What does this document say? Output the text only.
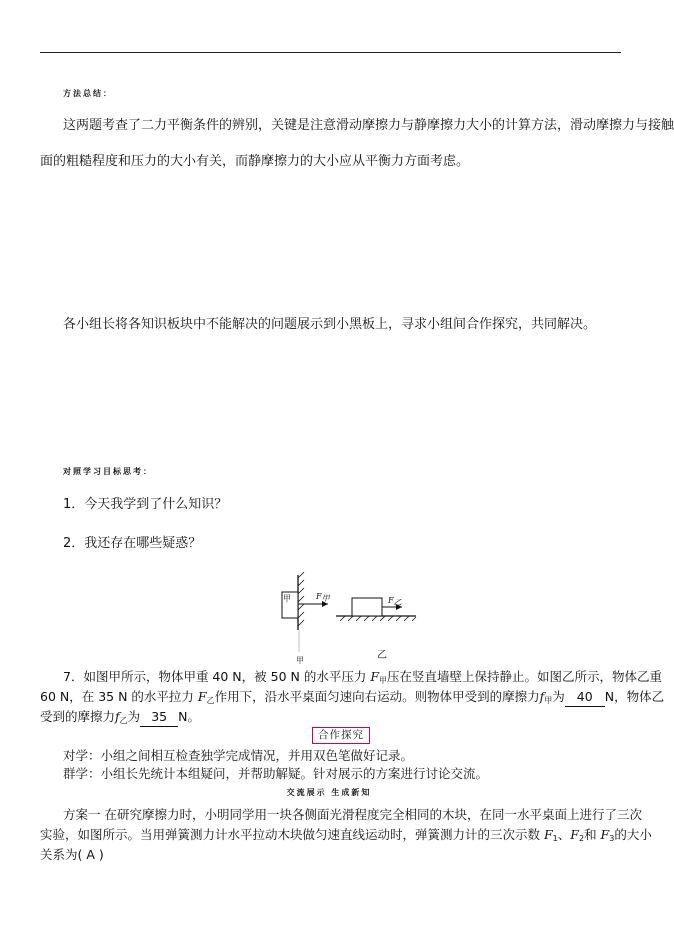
方法总结：
这两题考查了二力平衡条件的辨别，关键是注意滑动摩擦力与静摩擦力大小的计算方法，滑动摩擦力与接触
面的粗糙程度和压力的大小有关，而静摩擦力的大小应从平衡力方面考虑。
各小组长将各知识板块中不能解决的问题展示到小黑板上，寻求小组间合作探究，共同解决。
对照学习目标思考：
1．今天我学到了什么知识？
2．我还存在哪些疑惑？
甲	F甲
甲
F乙
乙
7．如图甲所示，物体甲重 40 N，被 50 N 的水平压力 $F_甲$压在竖直墙壁上保持静止。如图乙所示，物体乙重
60 N，在 35 N 的水平拉力 $F_乙$作用下，沿水平桌面匀速向右运动。则物体甲受到的摩擦力$f_甲$为 40 N，物体乙
受到的摩擦力$f_乙$为 35 N。
合作探究
对学：小组之间相互检查独学完成情况，并用双色笔做好记录。
群学：小组长先统计本组疑问，并帮助解疑。针对展示的方案进行讨论交流。
交流展示 生成新知
方案一 在研究摩擦力时，小明同学用一块各侧面光滑程度完全相同的木块，在同一水平桌面上进行了三次
实验，如图所示。当用弹簧测力计水平拉动木块做匀速直线运动时，弹簧测力计的三次示数 $F_1$、$F_2$和 $F_3$的大小
关系为( A )
